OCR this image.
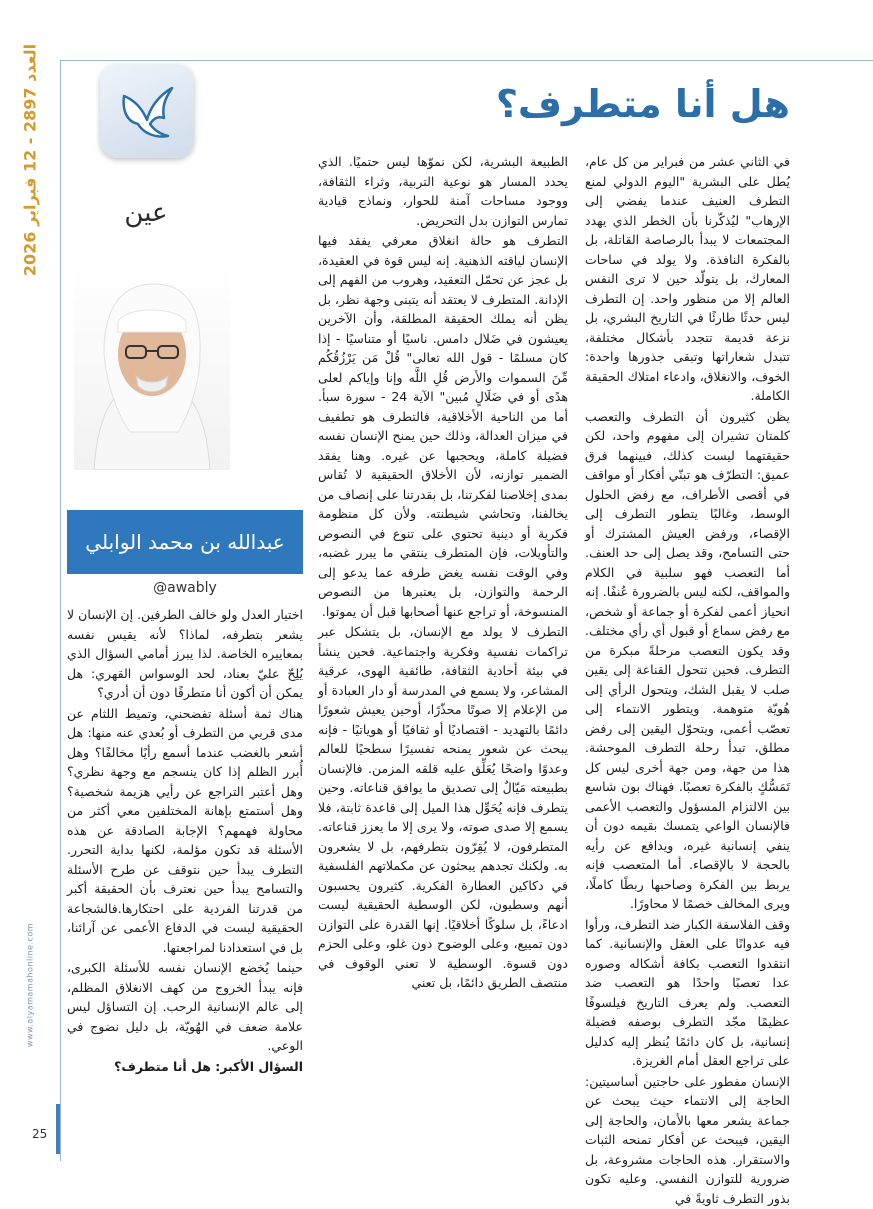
العدد 2897 - 12 فبراير 2026
www.alyamamahonline.com
25
هل أنا متطرف؟
عين
عبدالله بن محمد الوابلي
@awably

في الثاني عشر من فبراير من كل عام، يُطل على البشرية "اليوم الدولي لمنع التطرف العنيف عندما يفضي إلى الإرهاب" ليُذكّرنا بأن الخطر الذي يهدد المجتمعات لا يبدأ بالرصاصة القاتلة، بل بالفكرة النافذة. ولا يولد في ساحات المعارك، بل يتولّد حين لا ترى النفس العالم إلا من منظور واحد. إن التطرف ليس حدثًا طارئًا في التاريخ البشري، بل نزعة قديمة تتجدد بأشكال مختلفة، تتبدل شعاراتها وتبقى جذورها واحدة: الخوف، والانغلاق، وادعاء امتلاك الحقيقة الكاملة.

يظن كثيرون أن التطرف والتعصب كلمتان تشيران إلى مفهوم واحد، لكن حقيقتهما ليست كذلك، فبينهما فرق عميق: التطرّف هو تبنّي أفكار أو مواقف في أقصى الأطراف، مع رفض الحلول الوسط، وغالبًا يتطور التطرف إلى الإقصاء، ورفض العيش المشترك أو حتى التسامح، وقد يصل إلى حد العنف. أما التعصب فهو سلبية في الكلام والمواقف، لكنه ليس بالضرورة عُنفًا. إنه انحياز أعمى لفكرة أو جماعة أو شخص، مع رفض سماع أو قبول أي رأي مختلف. وقد يكون التعصب مرحلةً مبكرة من التطرف. فحين تتحول القناعة إلى يقين صلب لا يقبل الشك، ويتحول الرأي إلى هُويّة متوهمة. ويتطور الانتماء إلى تعصّب أعمى، ويتحوّل اليقين إلى رفض مطلق، تبدأ رحلة التطرف الموحشة. هذا من جهة، ومن جهة أخرى ليس كل تَمَسُّكٍ بالفكرة تعصبًا. فهناك بون شاسع بين الالتزام المسؤول والتعصب الأعمى فالإنسان الواعي يتمسك بقيمه دون أن ينفي إنسانية غيره، ويدافع عن رأيه بالحجة لا بالإقصاء. أما المتعصب فإنه يربط بين الفكرة وصاحبها ربطًا كاملًا، ويرى المخالف خصمًا لا محاورًا.

وقف الفلاسفة الكبار ضد التطرف، ورأوا فيه عدوانًا على العقل والإنسانية. كما انتقدوا التعصب بكافة أشكاله وصوره عدا تعصبًا واحدًا هو التعصب ضد التعصب. ولم يعرف التاريخ فيلسوفًا عظيمًا مجّد التطرف بوصفه فضيلة إنسانية، بل كان دائمًا يُنظر إليه كدليل على تراجع العقل أمام الغريزة.

الإنسان مفطور على حاجتين أساسيتين: الحاجة إلى الانتماء حيث يبحث عن جماعة يشعر معها بالأمان، والحاجة إلى اليقين، فيبحث عن أفكار تمنحه الثبات والاستقرار. هذه الحاجات مشروعة، بل ضرورية للتوازن النفسي. وعليه تكون بذور التطرف ثاويةً في

الطبيعة البشرية، لكن نموّها ليس حتميًا. الذي يحدد المسار هو نوعية التربية، وثراء الثقافة، ووجود مساحات آمنة للحوار، ونماذج قيادية تمارس التوازن بدل التحريض.

التطرف هو حالة انغلاق معرفي يفقد فيها الإنسان لياقته الذهنية. إنه ليس قوة في العقيدة، بل عجز عن تحمّل التعقيد، وهروب من الفهم إلى الإدانة. المتطرف لا يعتقد أنه يتبنى وجهة نظر، بل يظن أنه يملك الحقيقة المطلقة، وأن الآخرين يعيشون في ضَلال دامس. ناسيًا أو متناسيًا - إذا كان مسلمًا - قول الله تعالى" قُلْ مَن يَرْزُقُكُم مِّنَ السموات والأرض قُلِ اللَّه وإنا وإياكم لعلى هدًى أو في ضَلَالٍ مُبين" الآية 24 - سورة سبأ. أما من الناحية الأخلاقية، فالتطرف هو تطفيف في ميزان العدالة، وذلك حين يمنح الإنسان نفسه فضيلة كاملة، ويحجبها عن غيره. وهنا يفقد الضمير توازنه، لأن الأخلاق الحقيقية لا تُقاس بمدى إخلاصنا لفكرتنا، بل بقدرتنا على إنصاف من يخالفنا، وتحاشي شيطنته. ولأن كل منظومة فكرية أو دينية تحتوي على تنوع في النصوص والتأويلات، فإن المتطرف ينتقي ما يبرر غضبه، وفي الوقت نفسه يغض طرفه عما يدعو إلى الرحمة والتوازن، بل يعتبرها من النصوص المنسوخة، أو تراجع عنها أصحابها قبل أن يموتوا.

التطرف لا يولد مع الإنسان، بل يتشكل عبر تراكمات نفسية وفكرية واجتماعية. فحين ينشأ في بيئة أحادية الثقافة، طائفية الهوى، عرقية المشاعر، ولا يسمع في المدرسة أو دار العبادة أو من الإعلام إلا صوتًا محذّرًا، أوحين يعيش شعورًا دائمًا بالتهديد - اقتصاديًا أو ثقافيًا أو هوياتيًا - فإنه يبحث عن شعور يمنحه تفسيرًا سطحيًا للعالم وعدوًا واضحًا يُعَلِّق عليه قلقه المزمن. فالإنسان بطبيعته مَيّالٌ إلى تصديق ما يوافق قناعاته. وحين يتطرف فإنه يُحَوِّل هذا الميل إلى قاعدة ثابتة، فلا يسمع إلا صدى صوته، ولا يرى إلا ما يعزز قناعاته. المتطرفون، لا يُقِرّون بتطرفهم، بل لا يشعرون به. ولكنك تجدهم يبحثون عن مكملاتهم الفلسفية في دكاكين العطارة الفكرية. كثيرون يحسبون أنهم وسطيون، لكن الوسطية الحقيقية ليست ادعاءً، بل سلوكًا أخلاقيًا. إنها القدرة على التوازن دون تمييع، وعلى الوضوح دون غلو، وعلى الحزم دون قسوة. الوسطية لا تعني الوقوف في منتصف الطريق دائمًا، بل تعني

اختيار العدل ولو خالف الطرفين. إن الإنسان لا يشعر بتطرفه، لماذا؟ لأنه يقيس نفسه بمعاييره الخاصة. لذا يبرز أمامي السؤال الذي يُلِحّ عليّ بعناد، لحد الوسواس القهري: هل يمكن أن أكون أنا متطرفًا دون أن أدري؟

هناك ثمة أسئلة تفضحني، وتميط اللثام عن مدى قربي من التطرف أو بُعدي عنه منها: هل أشعر بالغضب عندما أسمع رأيًا مخالفًا؟ وهل أُبرر الظلم إذا كان ينسجم مع وجهة نظري؟ وهل أعتبر التراجع عن رأيي هزيمة شخصية؟ وهل أستمتع بإهانة المختلفين معي أكثر من محاولة فهمهم؟ الإجابة الصادقة عن هذه الأسئلة قد تكون مؤلمة، لكنها بداية التحرر. التطرف يبدأ حين نتوقف عن طرح الأسئلة والتسامح يبدأ حين نعترف بأن الحقيقة أكبر من قدرتنا الفردية على احتكارها.فالشجاعة الحقيقية ليست في الدفاع الأعمى عن آرائنا، بل في استعدادنا لمراجعتها.

حينما يُخضع الإنسان نفسه للأسئلة الكبرى، فإنه يبدأ الخروج من كهف الانغلاق المظلم، إلى عالم الإنسانية الرحب. إن التساؤل ليس علامة ضعف في الهُويّة، بل دليل نضوج في الوعي.

السؤال الأكبر: هل أنا متطرف؟
